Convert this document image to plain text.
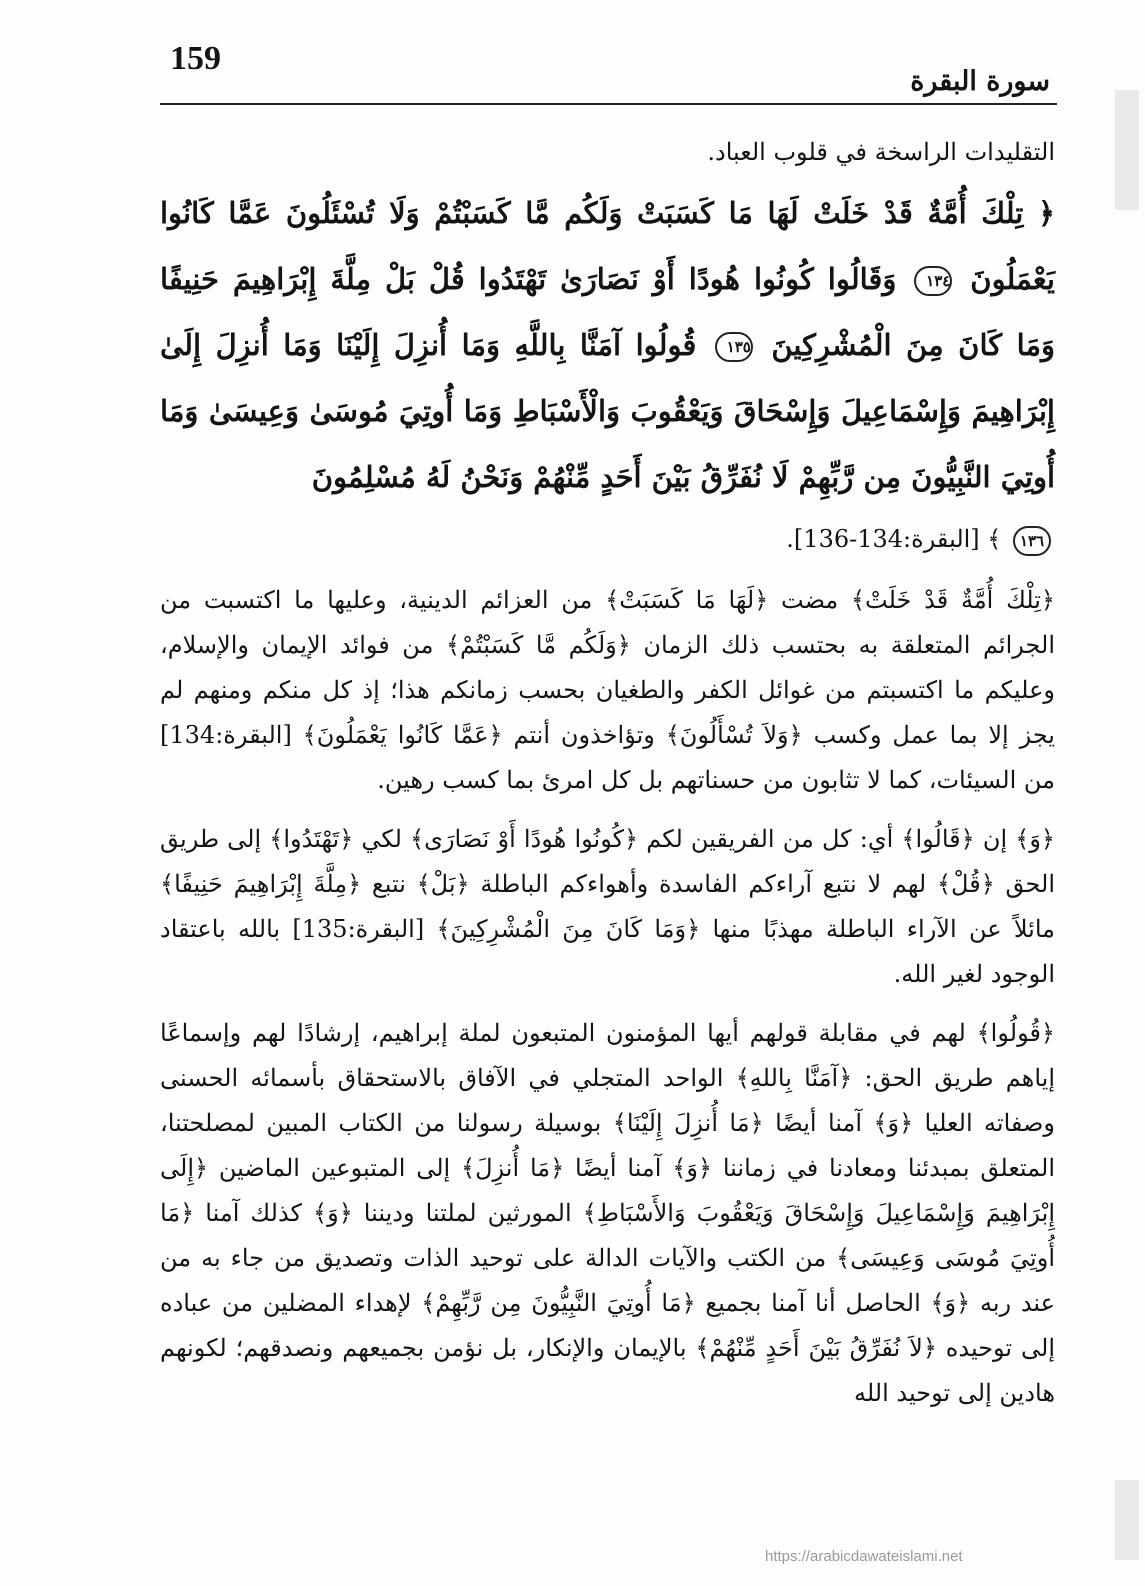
159
سورة البقرة

التقليدات الراسخة في قلوب العباد.

﴿ تِلْكَ أُمَّةٌ قَدْ خَلَتْ لَهَا مَا كَسَبَتْ وَلَكُم مَّا كَسَبْتُمْ وَلَا تُسْئَلُونَ عَمَّا كَانُوا يَعْمَلُونَ ١٣٤ وَقَالُوا كُونُوا هُودًا أَوْ نَصَارَىٰ تَهْتَدُوا قُلْ بَلْ مِلَّةَ إِبْرَاهِيمَ حَنِيفًا وَمَا كَانَ مِنَ الْمُشْرِكِينَ ١٣٥ قُولُوا آمَنَّا بِاللَّهِ وَمَا أُنزِلَ إِلَيْنَا وَمَا أُنزِلَ إِلَىٰ إِبْرَاهِيمَ وَإِسْمَاعِيلَ وَإِسْحَاقَ وَيَعْقُوبَ وَالْأَسْبَاطِ وَمَا أُوتِيَ مُوسَىٰ وَعِيسَىٰ وَمَا أُوتِيَ النَّبِيُّونَ مِن رَّبِّهِمْ لَا نُفَرِّقُ بَيْنَ أَحَدٍ مِّنْهُمْ وَنَحْنُ لَهُ مُسْلِمُونَ

١٣٦ ﴾ [البقرة:134-136].

﴿تِلْكَ أُمَّةٌ قَدْ خَلَتْ﴾ مضت ﴿لَهَا مَا كَسَبَتْ﴾ من العزائم الدينية، وعليها ما اكتسبت من الجرائم المتعلقة به بحتسب ذلك الزمان ﴿وَلَكُم مَّا كَسَبْتُمْ﴾ من فوائد الإيمان والإسلام، وعليكم ما اكتسبتم من غوائل الكفر والطغيان بحسب زمانكم هذا؛ إذ كل منكم ومنهم لم يجز إلا بما عمل وكسب ﴿وَلاَ تُسْأَلُونَ﴾ وتؤاخذون أنتم ﴿عَمَّا كَانُوا يَعْمَلُونَ﴾ [البقرة:134] من السيئات، كما لا تثابون من حسناتهم بل كل امرئ بما كسب رهين.

﴿وَ﴾ إن ﴿قَالُوا﴾ أي: كل من الفريقين لكم ﴿كُونُوا هُودًا أَوْ نَصَارَى﴾ لكي ﴿تَهْتَدُوا﴾ إلى طريق الحق ﴿قُلْ﴾ لهم لا نتبع آراءكم الفاسدة وأهواءكم الباطلة ﴿بَلْ﴾ نتبع ﴿مِلَّةَ إِبْرَاهِيمَ حَنِيفًا﴾ مائلاً عن الآراء الباطلة مهذبًا منها ﴿وَمَا كَانَ مِنَ الْمُشْرِكِينَ﴾ [البقرة:135] بالله باعتقاد الوجود لغير الله.

﴿قُولُوا﴾ لهم في مقابلة قولهم أيها المؤمنون المتبعون لملة إبراهيم، إرشادًا لهم وإسماعًا إياهم طريق الحق: ﴿آمَنَّا بِاللهِ﴾ الواحد المتجلي في الآفاق بالاستحقاق بأسمائه الحسنى وصفاته العليا ﴿وَ﴾ آمنا أيضًا ﴿مَا أُنزِلَ إِلَيْنَا﴾ بوسيلة رسولنا من الكتاب المبين لمصلحتنا، المتعلق بمبدئنا ومعادنا في زماننا ﴿وَ﴾ آمنا أيضًا ﴿مَا أُنزِلَ﴾ إلى المتبوعين الماضين ﴿إِلَى إِبْرَاهِيمَ وَإِسْمَاعِيلَ وَإِسْحَاقَ وَيَعْقُوبَ وَالأَسْبَاطِ﴾ المورثين لملتنا وديننا ﴿وَ﴾ كذلك آمنا ﴿مَا أُوتِيَ مُوسَى وَعِيسَى﴾ من الكتب والآيات الدالة على توحيد الذات وتصديق من جاء به من عند ربه ﴿وَ﴾ الحاصل أنا آمنا بجميع ﴿مَا أُوتِيَ النَّبِيُّونَ مِن رَّبِّهِمْ﴾ لإهداء المضلين من عباده إلى توحيده ﴿لاَ نُفَرِّقُ بَيْنَ أَحَدٍ مِّنْهُمْ﴾ بالإيمان والإنكار، بل نؤمن بجميعهم ونصدقهم؛ لكونهم هادين إلى توحيد الله

https://arabicdawateislami.net
